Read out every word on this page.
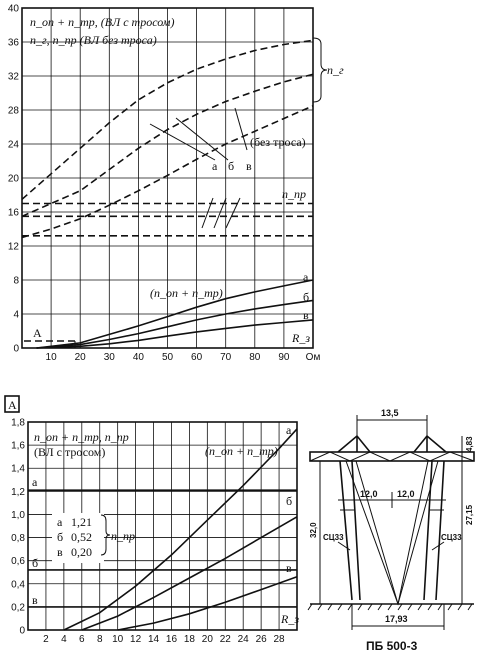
0
4
8
12
16
20
24
28
32
36
40
10 20 30 40 50 60 70 80 90 Ом
n_оп + n_тр, (ВЛ с тросом)
n_г, n_пр (ВЛ без троса)
n_г
а б в
(без троса)
n_пр
(n_оп + n_тр)
а
б
в
A	R_з
A
0
0,2
0,4
0,6
0,8
1,0
1,2
1,4
1,6
1,8
2 4 6 8 10 12 14 16 18 20 22 24 26 28
n_оп + n_тр, n_пр
(ВЛ с тросом)	(n_оп + n_тр)
а
б
в
а
б
в
а 1,21
б 0,52
в 0,20
n_пр
R_з
13,5
12,0 12,0
СЦ33	СЦ33
32,0
4,83
27,15
17,93
ПБ 500-3
